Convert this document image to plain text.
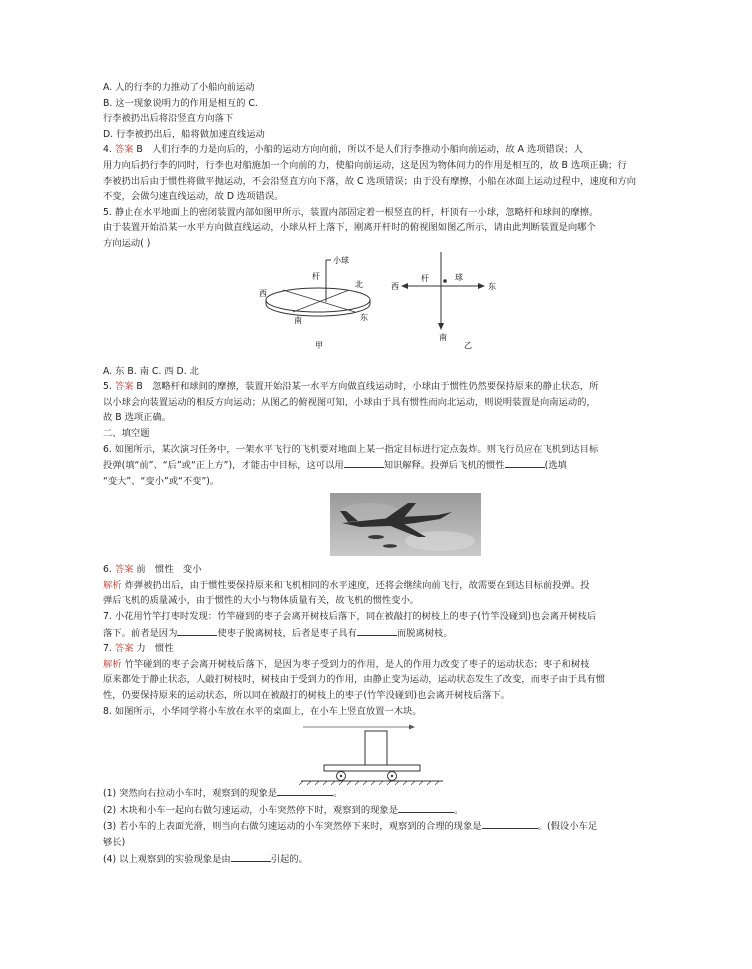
A. 人的行李的力推动了小船向前运动
B. 这一现象说明力的作用是相互的 C.
行李被扔出后将沿竖直方向落下
D. 行李被扔出后，船将做加速直线运动
4. 答案 B　人们行李的力是向后的，小船的运动方向向前，所以不是人们行李推动小船向前运动，故 A 选项错误；人
用力向后扔行李的同时，行李也对船施加一个向前的力，使船向前运动，这是因为物体间力的作用是相互的，故 B 选项正确；行
李被扔出后由于惯性将做平抛运动，不会沿竖直方向下落，故 C 选项错误；由于没有摩擦，小船在冰面上运动过程中，速度和方向
不变，会做匀速直线运动，故 D 选项错误。
5. 静止在水平地面上的密闭装置内部如图甲所示，装置内部固定着一根竖直的杆，杆顶有一小球，忽略杆和球间的摩擦。
由于装置开始沿某一水平方向做直线运动，小球从杆上落下，刚离开杆时的俯视图如图乙所示，请由此判断装置是向哪个
方向运动( )
小球
杆
北
西
南	东
甲
杆	球
西	东
南
乙
A. 东 B. 南 C. 西 D. 北
5. 答案 B　忽略杆和球间的摩擦，装置开始沿某一水平方向做直线运动时，小球由于惯性仍然要保持原来的静止状态，所
以小球会向装置运动的相反方向运动；从图乙的俯视图可知，小球由于具有惯性而向北运动，则说明装置是向南运动的，
故 B 选项正确。
二、填空题
6. 如图所示，某次演习任务中，一架水平飞行的飞机要对地面上某一指定目标进行定点轰炸。则飞行员应在飞机到达目标
投弹(填“前”、“后”或“正上方”)，才能击中目标，这可以用	知识解释。投弹后飞机的惯性	(选填
“变大”、“变小”或“不变”)。
6. 答案 前　惯性　变小
解析 炸弹被扔出后，由于惯性要保持原来和飞机相同的水平速度，还将会继续向前飞行，故需要在到达目标前投弹。投
弹后飞机的质量减小，由于惯性的大小与物体质量有关，故飞机的惯性变小。
7. 小花用竹竿打枣时发现：竹竿碰到的枣子会离开树枝后落下，同在被敲打的树枝上的枣子(竹竿没碰到)也会离开树枝后
落下。前者是因为	使枣子脱离树枝，后者是枣子具有	而脱离树枝。
7. 答案 力　惯性
解析 竹竿碰到的枣子会离开树枝后落下，是因为枣子受到力的作用，是人的作用力改变了枣子的运动状态；枣子和树枝
原来都处于静止状态，人敲打树枝时，树枝由于受到力的作用，由静止变为运动，运动状态发生了改变，而枣子由于具有惯
性，仍要保持原来的运动状态，所以同在被敲打的树枝上的枣子(竹竿没碰到)也会离开树枝后落下。
8. 如图所示，小华同学将小车放在水平的桌面上，在小车上竖直放置一木块。
(1) 突然向右拉动小车时，观察到的现象是	。
(2) 木块和小车一起向右做匀速运动，小车突然停下时，观察到的现象是	。
(3) 若小车的上表面光滑，则当向右做匀速运动的小车突然停下来时，观察到的合理的现象是	。(假设小车足
够长)
(4) 以上观察到的实验现象是由	引起的。
